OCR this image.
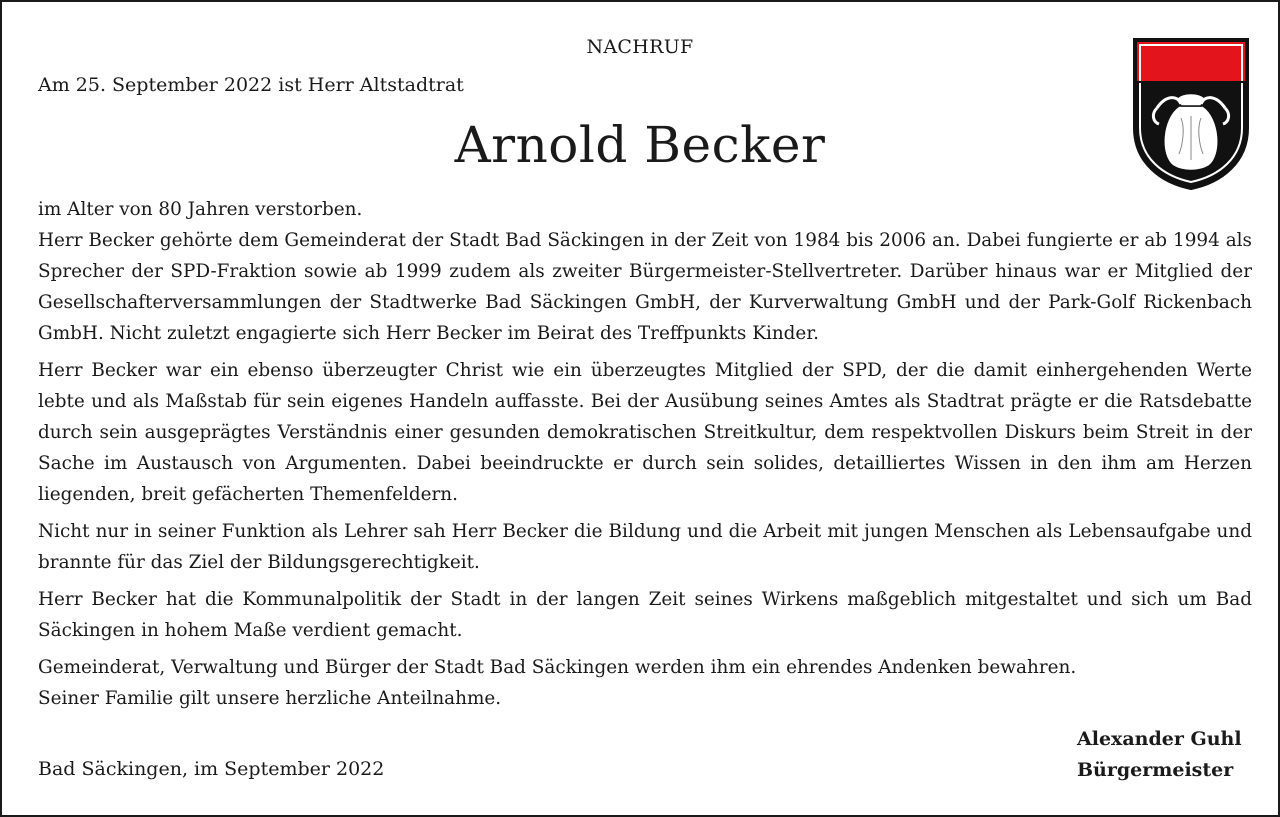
NACHRUF
Am 25. September 2022 ist Herr Altstadtrat
Arnold Becker

im Alter von 80 Jahren verstorben.

Herr Becker gehörte dem Gemeinderat der Stadt Bad Säckingen in der Zeit von 1984 bis 2006 an. Dabei fungierte er ab 1994 als Sprecher der SPD-Fraktion sowie ab 1999 zudem als zweiter Bürgermeister-Stellvertreter. Darüber hinaus war er Mitglied der Gesellschafterversammlungen der Stadtwerke Bad Säckingen GmbH, der Kurverwaltung GmbH und der Park-Golf Rickenbach GmbH. Nicht zuletzt engagierte sich Herr Becker im Beirat des Treffpunkts Kinder.

Herr Becker war ein ebenso überzeugter Christ wie ein überzeugtes Mitglied der SPD, der die damit einhergehenden Werte lebte und als Maßstab für sein eigenes Handeln auffasste. Bei der Ausübung seines Amtes als Stadtrat prägte er die Ratsdebatte durch sein ausgeprägtes Verständnis einer gesunden demokratischen Streitkultur, dem respektvollen Diskurs beim Streit in der Sache im Austausch von Argumenten. Dabei beeindruckte er durch sein solides, detailliertes Wissen in den ihm am Herzen liegenden, breit gefächerten Themenfeldern.

Nicht nur in seiner Funktion als Lehrer sah Herr Becker die Bildung und die Arbeit mit jungen Menschen als Lebensaufgabe und brannte für das Ziel der Bildungsgerechtigkeit.

Herr Becker hat die Kommunalpolitik der Stadt in der langen Zeit seines Wirkens maßgeblich mitgestaltet und sich um Bad Säckingen in hohem Maße verdient gemacht.

Gemeinderat, Verwaltung und Bürger der Stadt Bad Säckingen werden ihm ein ehrendes Andenken bewahren.

Seiner Familie gilt unsere herzliche Anteilnahme.

Alexander Guhl
Bürgermeister
Bad Säckingen, im September 2022
